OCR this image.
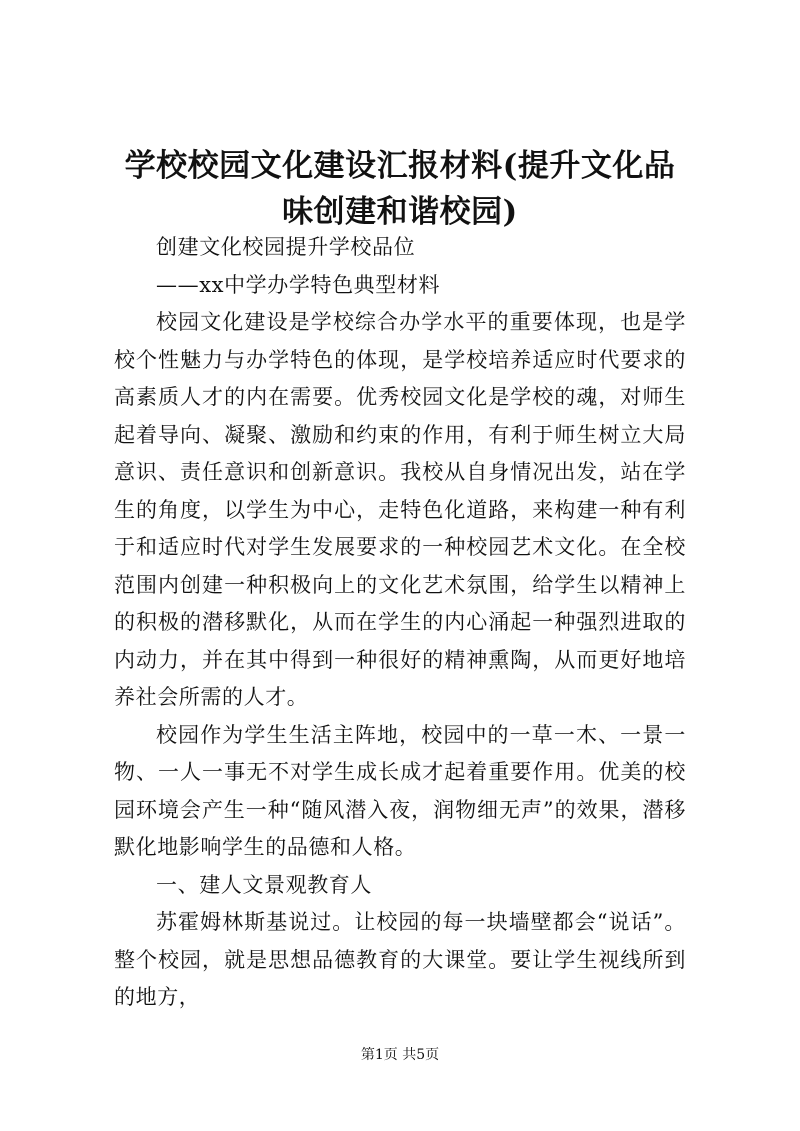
学校校园文化建设汇报材料(提升文化品味创建和谐校园)

创建文化校园提升学校品位

——xx中学办学特色典型材料

校园文化建设是学校综合办学水平的重要体现，也是学校个性魅力与办学特色的体现，是学校培养适应时代要求的高素质人才的内在需要。优秀校园文化是学校的魂，对师生起着导向、凝聚、激励和约束的作用，有利于师生树立大局意识、责任意识和创新意识。我校从自身情况出发，站在学生的角度，以学生为中心，走特色化道路，来构建一种有利于和适应时代对学生发展要求的一种校园艺术文化。在全校范围内创建一种积极向上的文化艺术氛围，给学生以精神上的积极的潜移默化，从而在学生的内心涌起一种强烈进取的内动力，并在其中得到一种很好的精神熏陶，从而更好地培养社会所需的人才。

校园作为学生生活主阵地，校园中的一草一木、一景一物、一人一事无不对学生成长成才起着重要作用。优美的校园环境会产生一种“随风潜入夜，润物细无声”的效果，潜移默化地影响学生的品德和人格。

一、建人文景观教育人

苏霍姆林斯基说过。让校园的每一块墙壁都会“说话”。整个校园，就是思想品德教育的大课堂。要让学生视线所到的地方，

第1页 共5页
